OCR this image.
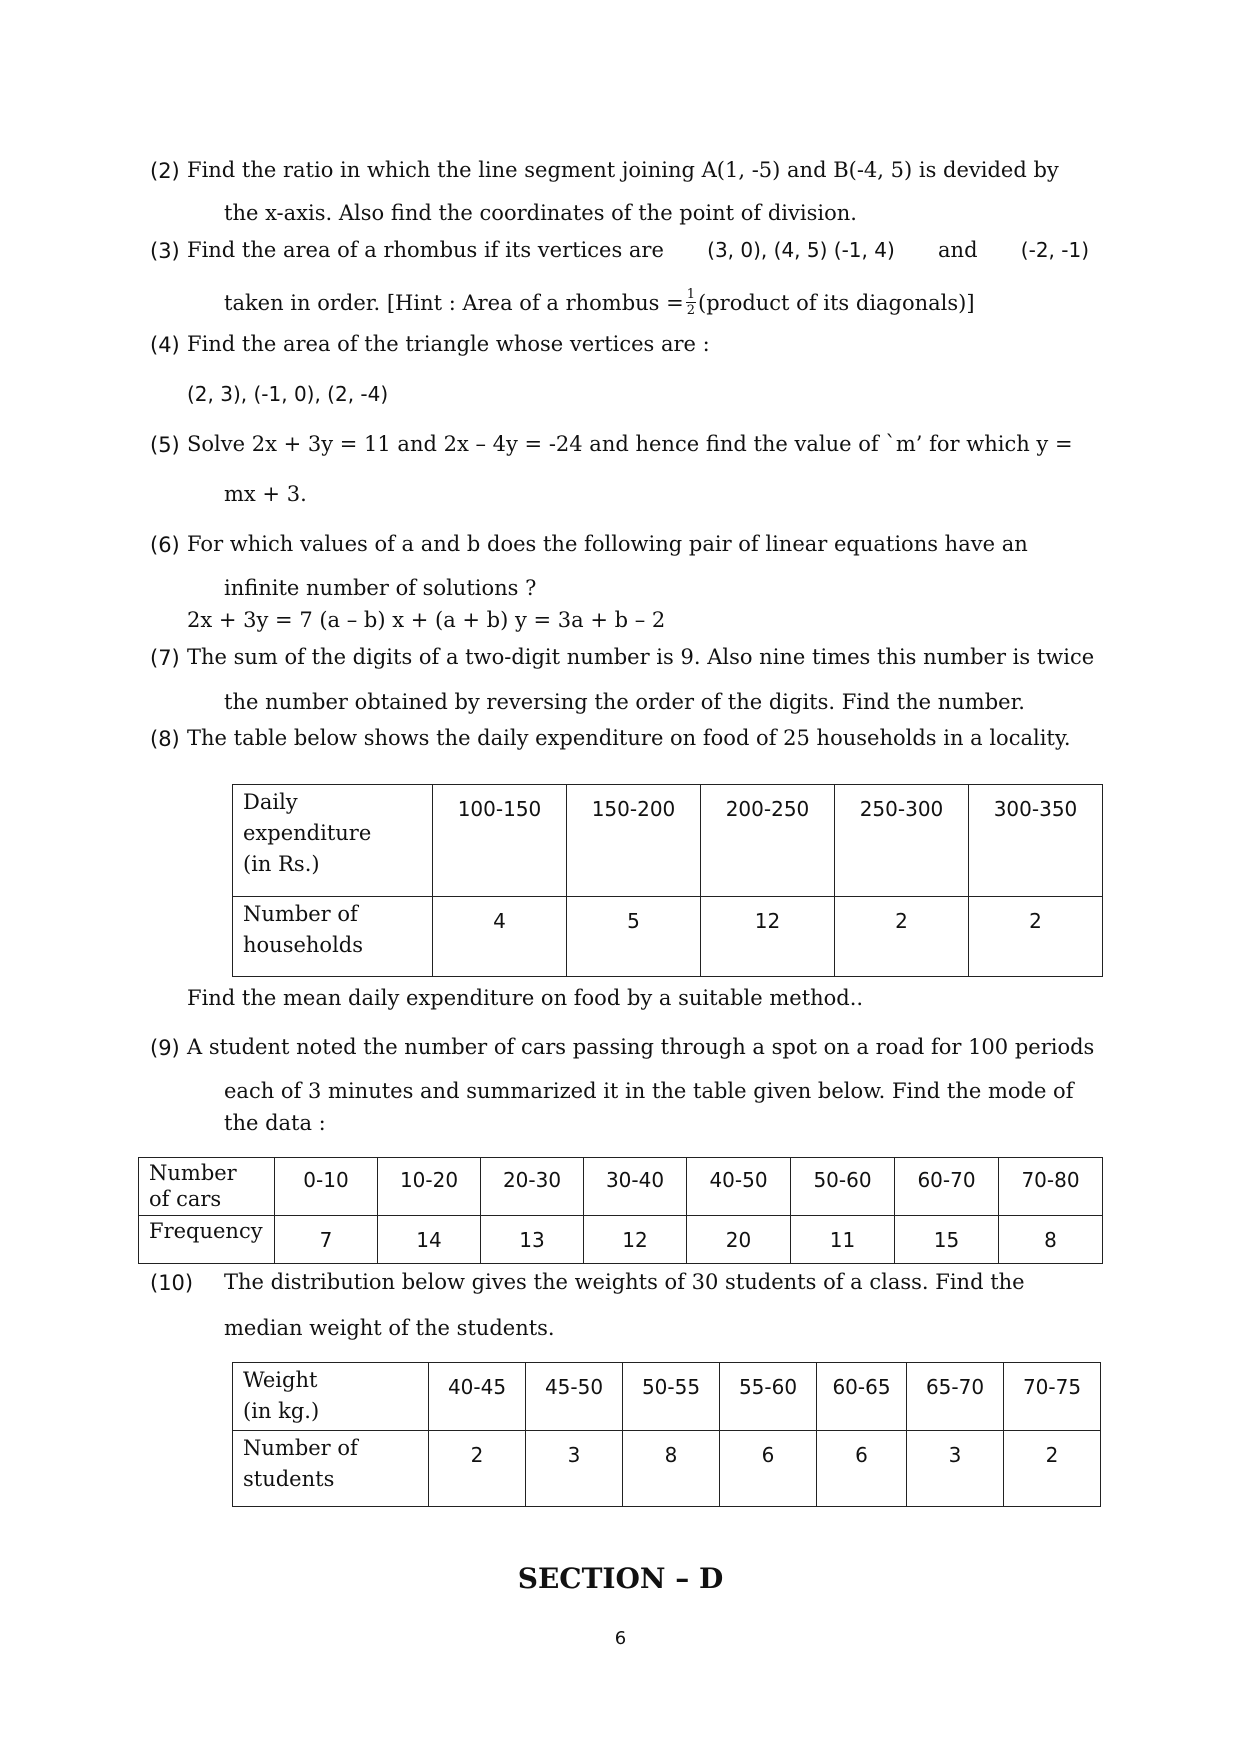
(2) Find the ratio in which the line segment joining A(1, -5) and B(-4, 5) is devided by
the x-axis. Also find the coordinates of the point of division.
(3) Find the area of a rhombus if its vertices are (3, 0), (4, 5) (-1, 4) and (-2, -1)
taken in order. [Hint : Area of a rhombus = $\frac{1}{2}$ (product of its diagonals)]
(4) Find the area of the triangle whose vertices are :
(2, 3), (-1, 0), (2, -4)
(5) Solve 2x + 3y = 11 and 2x – 4y = -24 and hence find the value of `m’ for which y =
mx + 3.
(6) For which values of a and b does the following pair of linear equations have an
infinite number of solutions ?
2x + 3y = 7 (a – b) x + (a + b) y = 3a + b – 2
(7) The sum of the digits of a two-digit number is 9. Also nine times this number is twice
the number obtained by reversing the order of the digits. Find the number.
(8) The table below shows the daily expenditure on food of 25 households in a locality.
Daily
expenditure
(in Rs.)	100-150	150-200	200-250	250-300	300-350

Number of
households	4	5	12	2	2
Find the mean daily expenditure on food by a suitable method..
(9) A student noted the number of cars passing through a spot on a road for 100 periods
each of 3 minutes and summarized it in the table given below. Find the mode of
the data :
Number
of cars	0-10	10-20	20-30	30-40	40-50	50-60	60-70	70-80
Frequency	7	14	13	12	20	11	15	8
(10) The distribution below gives the weights of 30 students of a class. Find the
median weight of the students.
Weight
(in kg.)	40-45	45-50	50-55	55-60	60-65	65-70	70-75

Number of
students	2	3	8	6	6	3	2
SECTION – D
6
